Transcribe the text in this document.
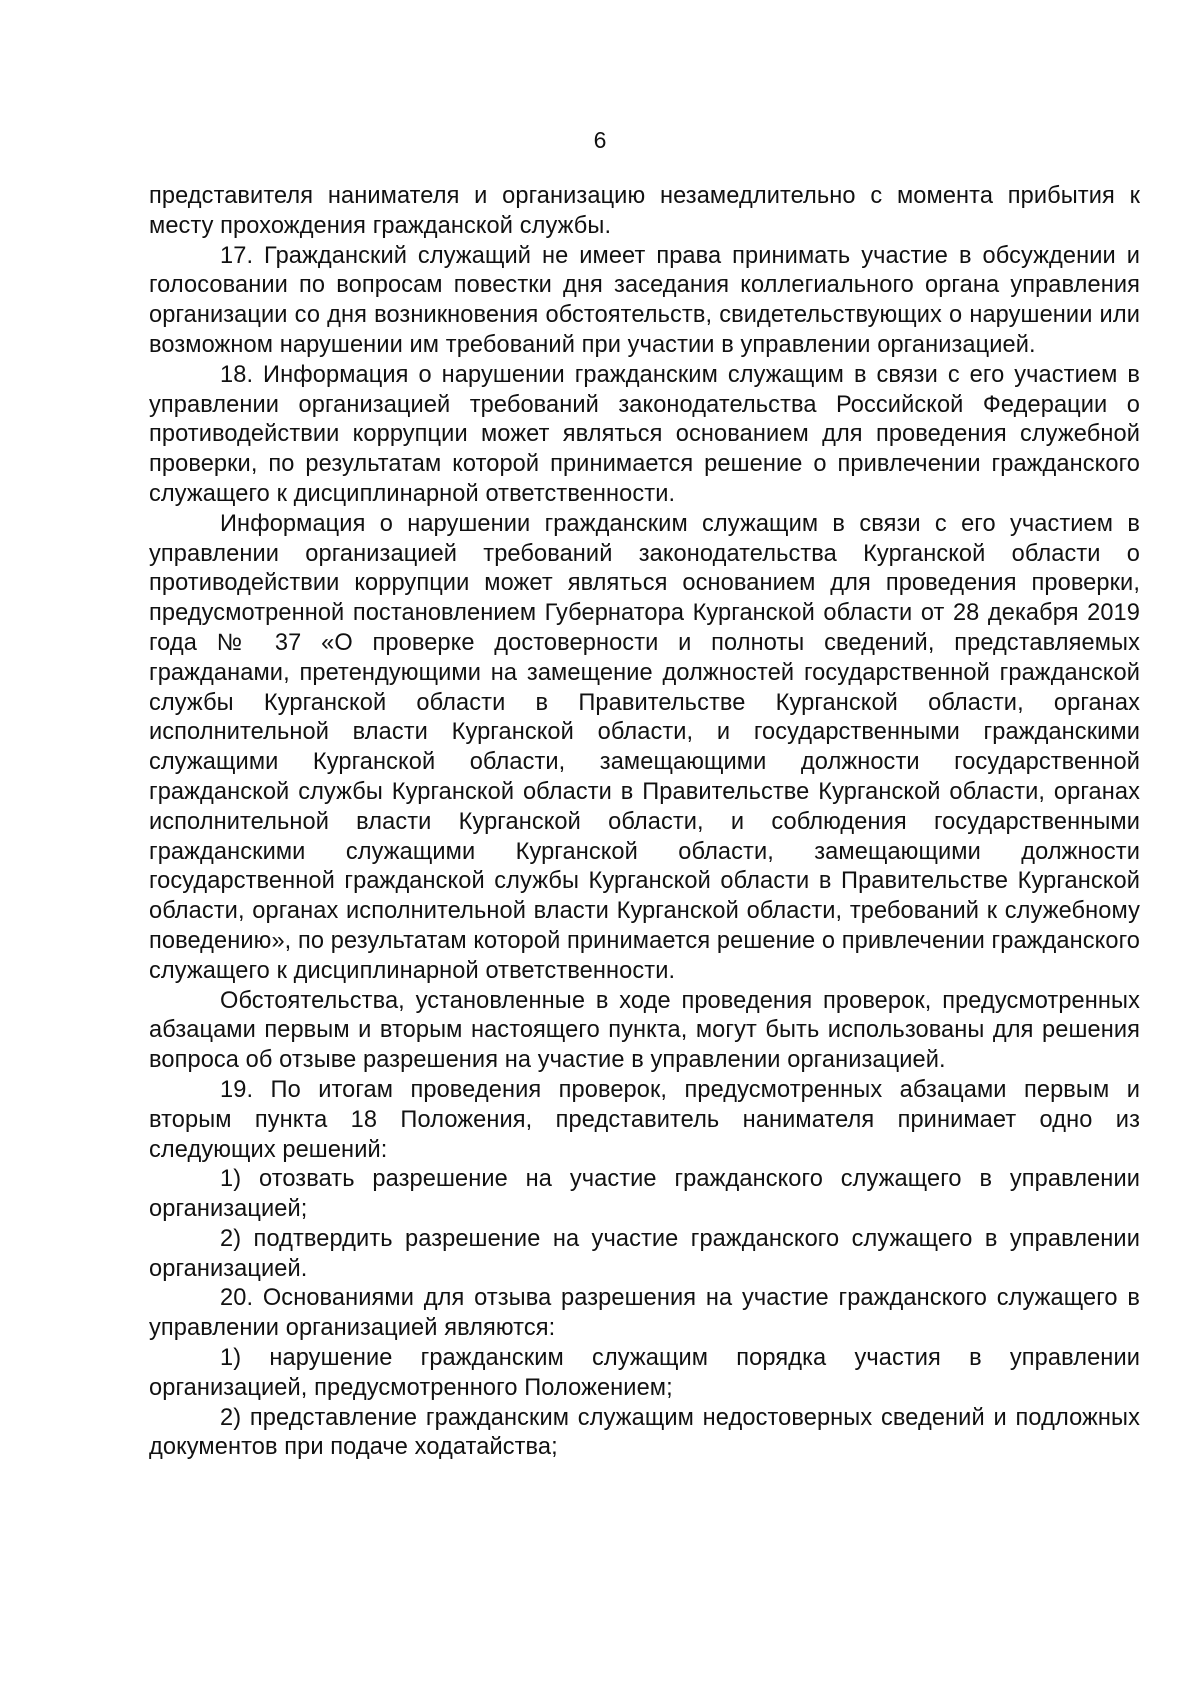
6

представителя нанимателя и организацию незамедлительно с момента прибытия к месту прохождения гражданской службы.

17. Гражданский служащий не имеет права принимать участие в обсуждении и голосовании по вопросам повестки дня заседания коллегиального органа управления организации со дня возникновения обстоятельств, свидетельствующих о нарушении или возможном нарушении им требований при участии в управлении организацией.

18. Информация о нарушении гражданским служащим в связи с его участием в управлении организацией требований законодательства Российской Федерации о противодействии коррупции может являться основанием для проведения служебной проверки, по результатам которой принимается решение о привлечении гражданского служащего к дисциплинарной ответственности.

Информация о нарушении гражданским служащим в связи с его участием в управлении организацией требований законодательства Курганской области о противодействии коррупции может являться основанием для проведения проверки, предусмотренной постановлением Губернатора Курганской области от 28 декабря 2019 года № 37 «О проверке достоверности и полноты сведений, представляемых гражданами, претендующими на замещение должностей государственной гражданской службы Курганской области в Правительстве Курганской области, органах исполнительной власти Курганской области, и государственными гражданскими служащими Курганской области, замещающими должности государственной гражданской службы Курганской области в Правительстве Курганской области, органах исполнительной власти Курганской области, и соблюдения государственными гражданскими служащими Курганской области, замещающими должности государственной гражданской службы Курганской области в Правительстве Курганской области, органах исполнительной власти Курганской области, требований к служебному поведению», по результатам которой принимается решение о привлечении гражданского служащего к дисциплинарной ответственности.

Обстоятельства, установленные в ходе проведения проверок, предусмотренных абзацами первым и вторым настоящего пункта, могут быть использованы для решения вопроса об отзыве разрешения на участие в управлении организацией.

19. По итогам проведения проверок, предусмотренных абзацами первым и вторым пункта 18 Положения, представитель нанимателя принимает одно из следующих решений:

1) отозвать разрешение на участие гражданского служащего в управлении организацией;

2) подтвердить разрешение на участие гражданского служащего в управлении организацией.

20. Основаниями для отзыва разрешения на участие гражданского служащего в управлении организацией являются:

1) нарушение гражданским служащим порядка участия в управлении организацией, предусмотренного Положением;

2) представление гражданским служащим недостоверных сведений и подложных документов при подаче ходатайства;
